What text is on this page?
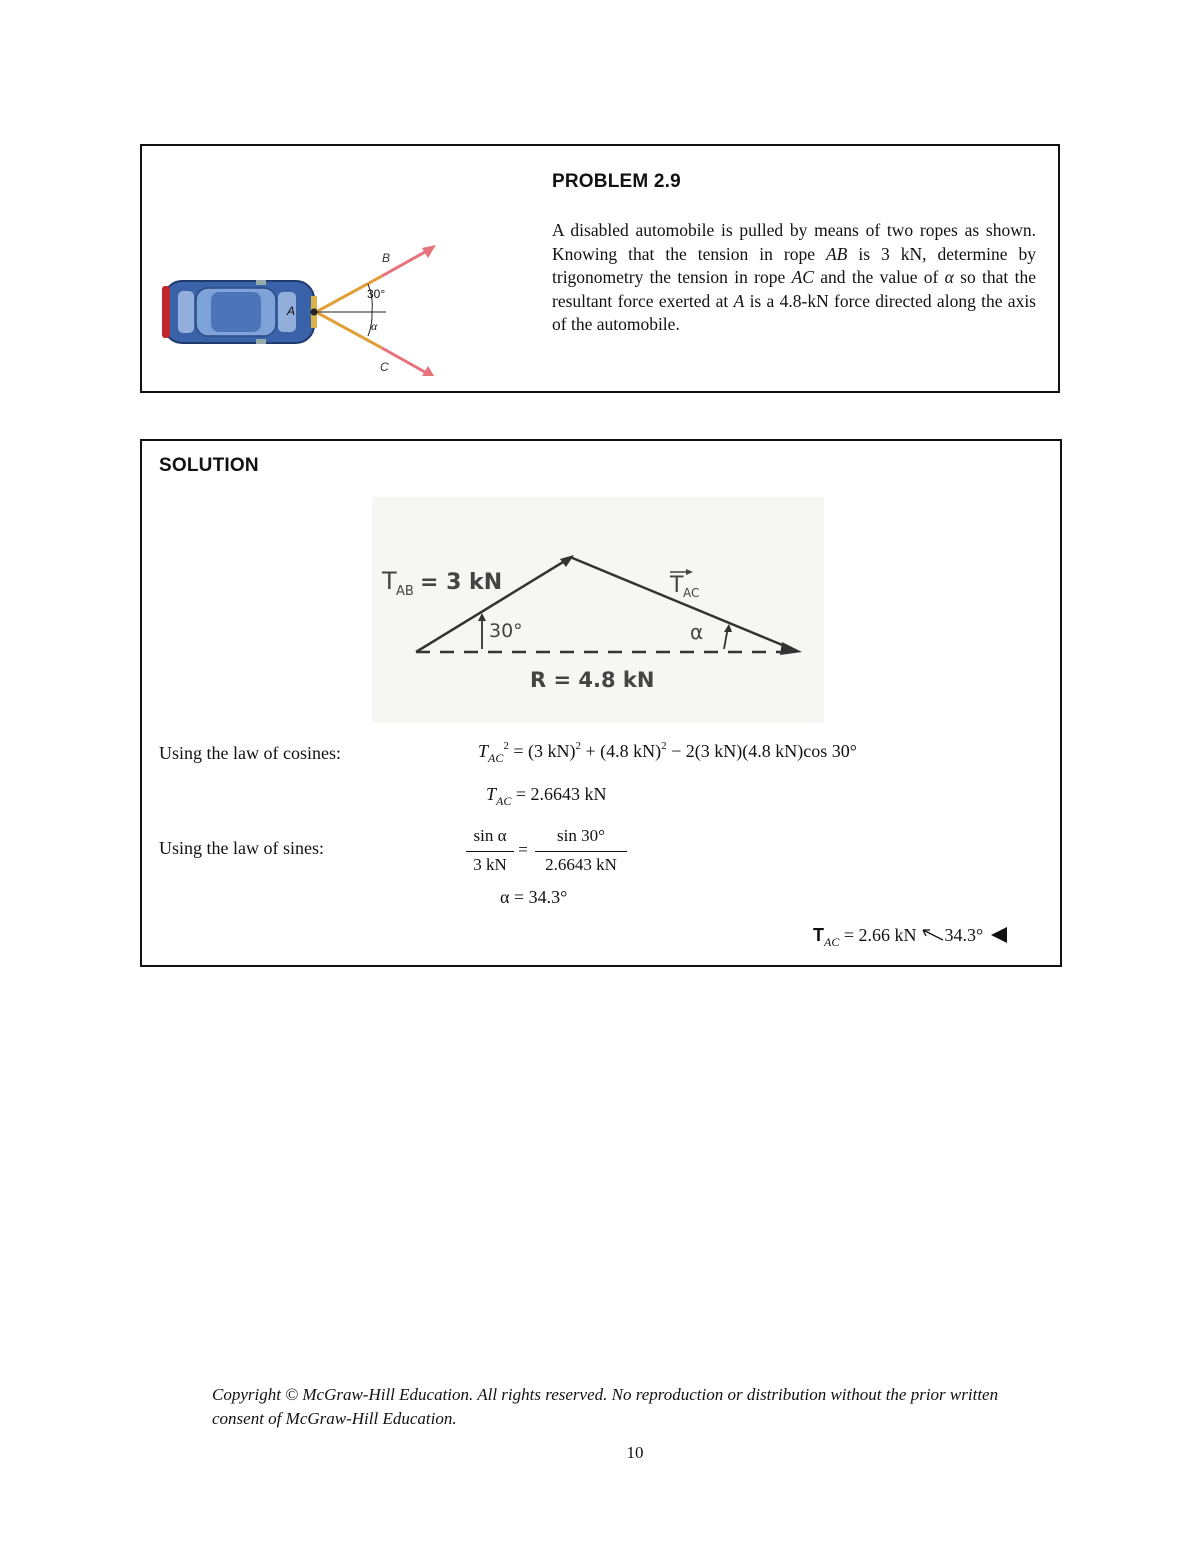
B
C
A
30°
α
PROBLEM 2.9
A disabled automobile is pulled by means of two ropes as shown. Knowing that the tension in rope AB is 3 kN, determine by trigonometry the tension in rope AC and the value of α so that the resultant force exerted at A is a 4.8-kN force directed along the axis of the automobile.
SOLUTION
T AB = 3 kN	T AC
30°	α
R = 4.8 kN
Using the law of cosines:	$T_{AC}^2 = (3$ kN)$^2$ + (4.8 kN)$^2$ − 2(3 kN)(4.8 kN)cos 30°
$T_{AC} = 2.6643$ kN
Using the law of sines:
sin α
3 kN
=
sin 30°
2.6643 kN
α = 34.3°
$T_{AC} = 2.66$ kN 34.3°
Copyright © McGraw-Hill Education. All rights reserved. No reproduction or distribution without the prior written consent of McGraw-Hill Education.
10
